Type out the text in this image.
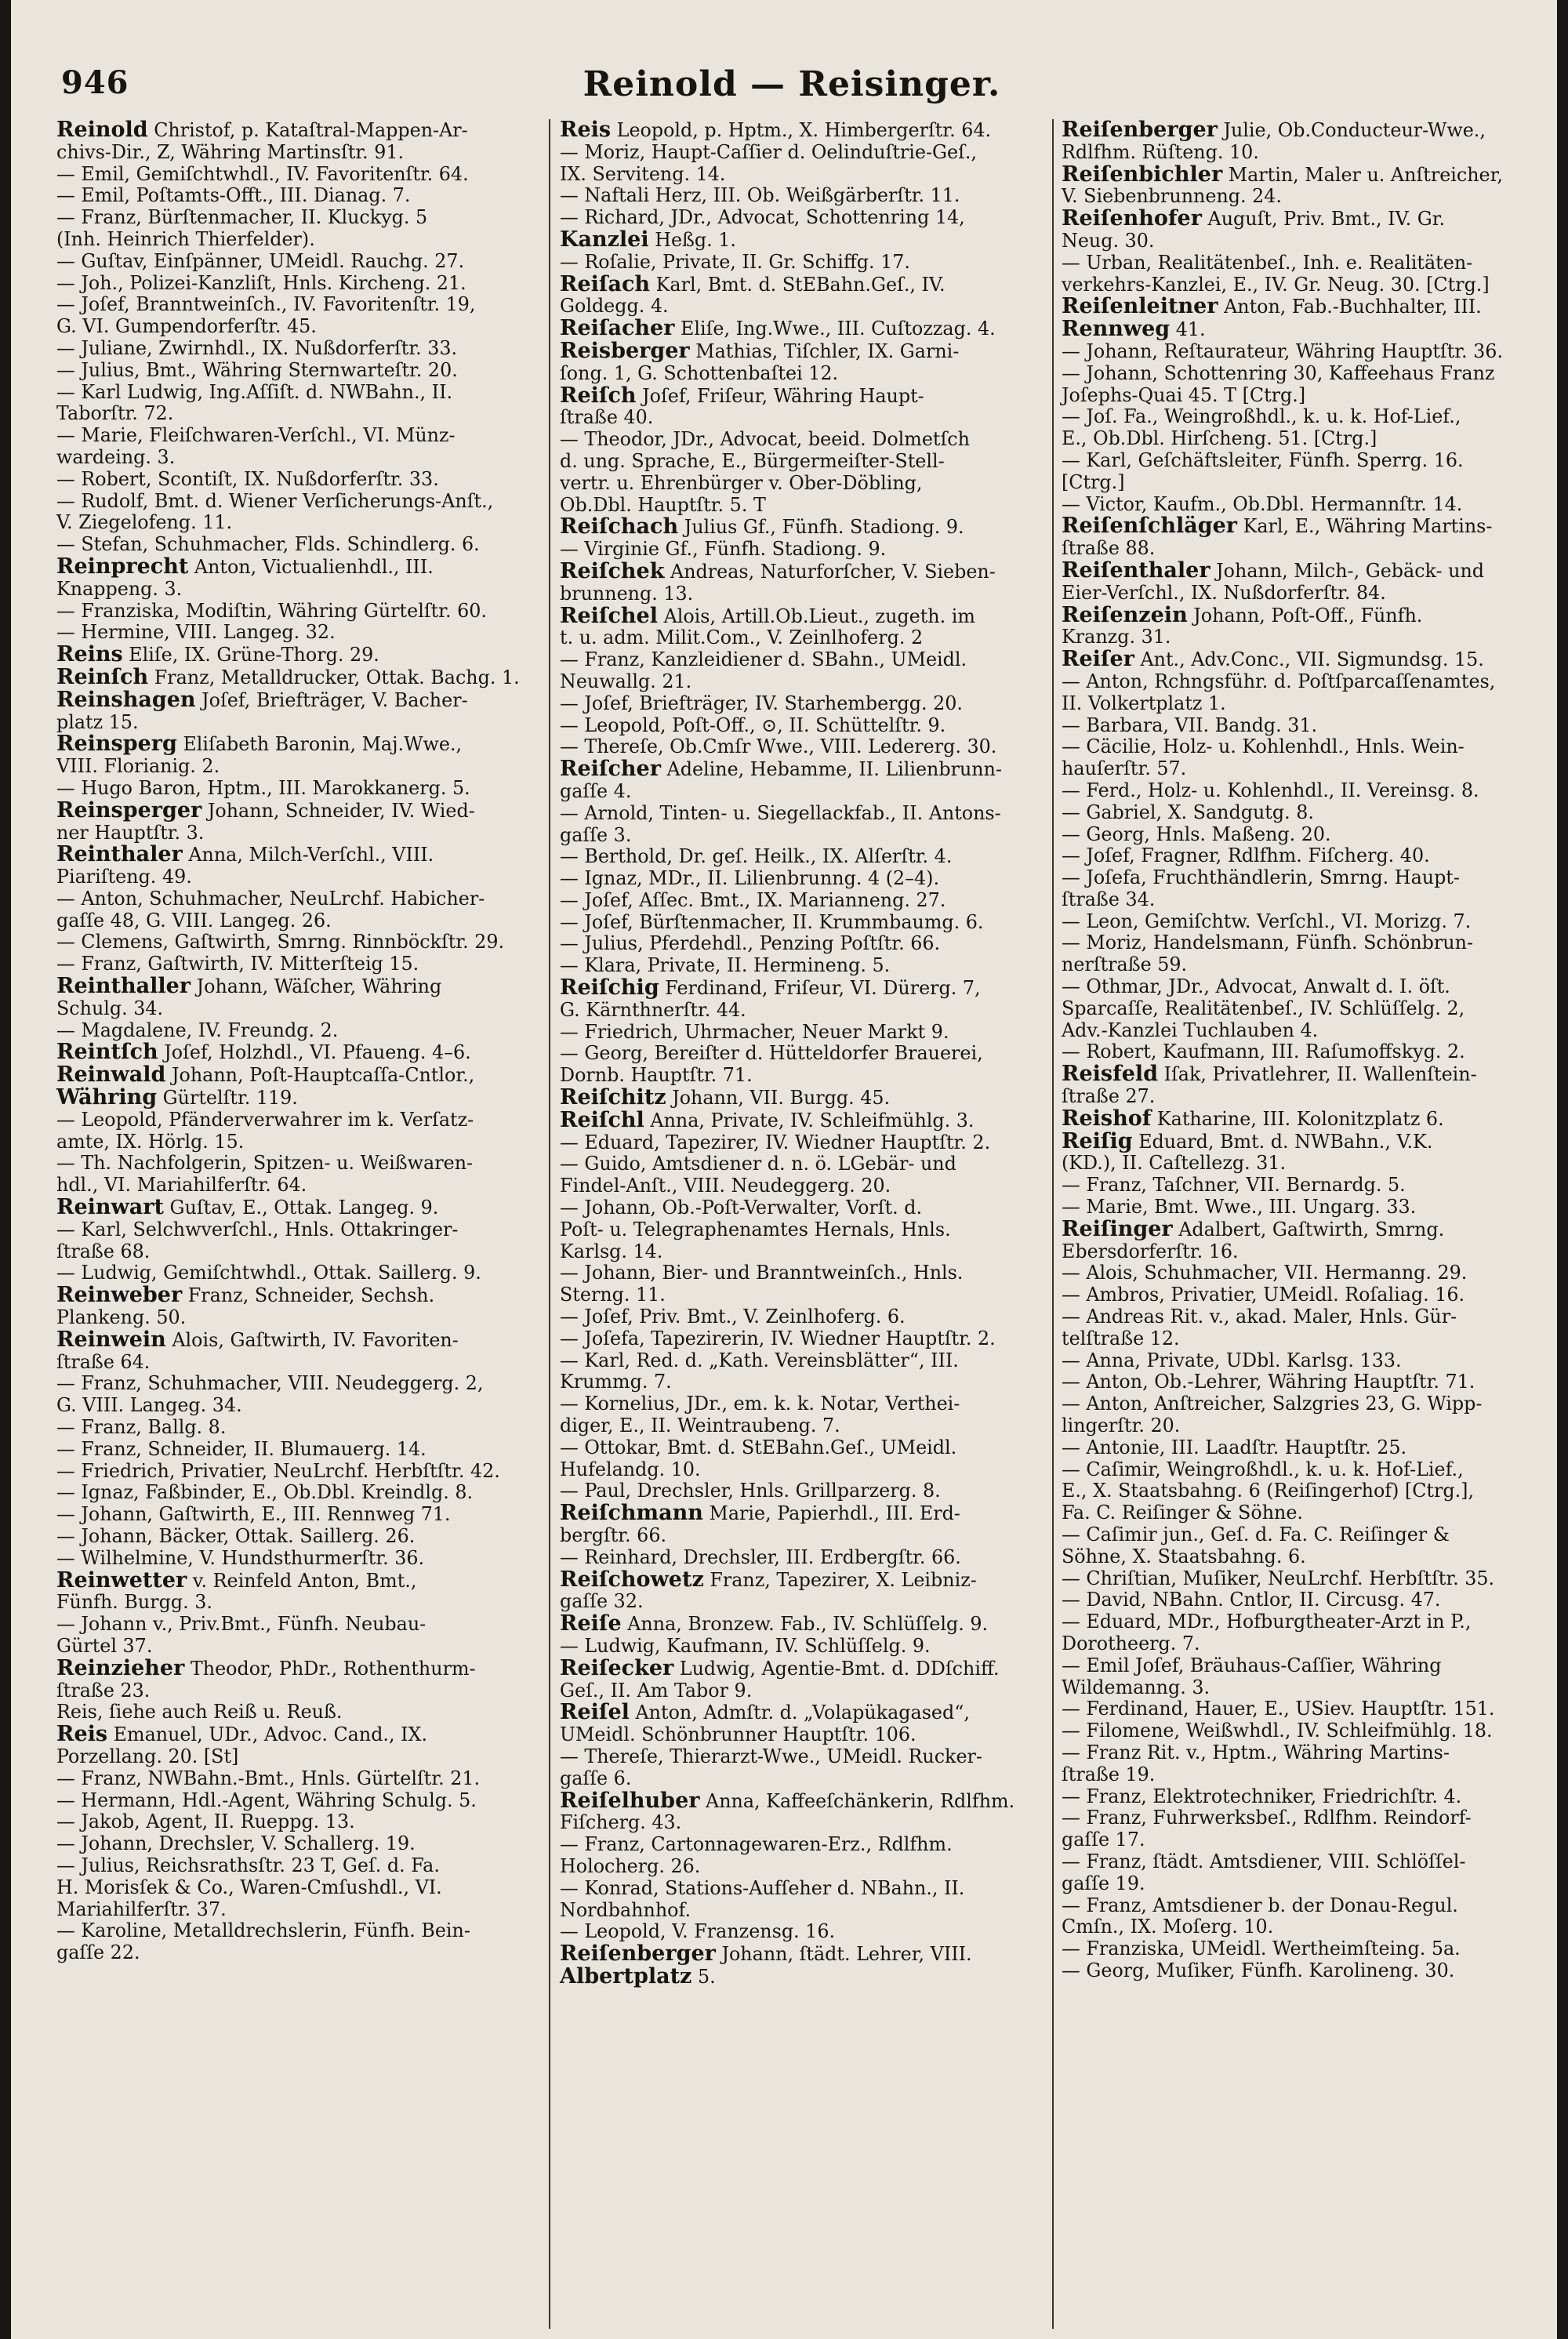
946	Reinold — Reisinger.
Reinold Christof, p. Kataſtral-Mappen-Ar-
chivs-Dir., Z, Währing Martinsſtr. 91.
— Emil, Gemiſchtwhdl., IV. Favoritenſtr. 64.
— Emil, Poſtamts-Offt., III. Dianag. 7.
— Franz, Bürſtenmacher, II. Kluckyg. 5
(Inh. Heinrich Thierfelder).
— Guſtav, Einſpänner, UMeidl. Rauchg. 27.
— Joh., Polizei-Kanzliſt, Hnls. Kircheng. 21.
— Joſef, Branntweinſch., IV. Favoritenſtr. 19,
G. VI. Gumpendorferſtr. 45.
— Juliane, Zwirnhdl., IX. Nußdorferſtr. 33.
— Julius, Bmt., Währing Sternwarteſtr. 20.
— Karl Ludwig, Ing.Aſſiſt. d. NWBahn., II.
Taborſtr. 72.
— Marie, Fleiſchwaren-Verſchl., VI. Münz-
wardeing. 3.
— Robert, Scontiſt, IX. Nußdorferſtr. 33.
— Rudolf, Bmt. d. Wiener Verſicherungs-Anſt.,
V. Ziegelofeng. 11.
— Stefan, Schuhmacher, Flds. Schindlerg. 6.
Reinprecht Anton, Victualienhdl., III.
Knappeng. 3.
— Franziska, Modiſtin, Währing Gürtelſtr. 60.
— Hermine, VIII. Langeg. 32.
Reins Eliſe, IX. Grüne-Thorg. 29.
Reinſch Franz, Metalldrucker, Ottak. Bachg. 1.
Reinshagen Joſef, Briefträger, V. Bacher-
platz 15.
Reinsperg Eliſabeth Baronin, Maj.Wwe.,
VIII. Florianig. 2.
— Hugo Baron, Hptm., III. Marokkanerg. 5.
Reinsperger Johann, Schneider, IV. Wied-
ner Hauptſtr. 3.
Reinthaler Anna, Milch-Verſchl., VIII.
Piariſteng. 49.
— Anton, Schuhmacher, NeuLrchf. Habicher-
gaſſe 48, G. VIII. Langeg. 26.
— Clemens, Gaſtwirth, Smrng. Rinnböckſtr. 29.
— Franz, Gaſtwirth, IV. Mitterſteig 15.
Reinthaller Johann, Wäſcher, Währing
Schulg. 34.
— Magdalene, IV. Freundg. 2.
Reintſch Joſef, Holzhdl., VI. Pfaueng. 4–6.
Reinwald Johann, Poſt-Hauptcaſſa-Cntlor.,
Währing Gürtelſtr. 119.
— Leopold, Pfänderverwahrer im k. Verſatz-
amte, IX. Hörlg. 15.
— Th. Nachfolgerin, Spitzen- u. Weißwaren-
hdl., VI. Mariahilferſtr. 64.
Reinwart Guſtav, E., Ottak. Langeg. 9.
— Karl, Selchwverſchl., Hnls. Ottakringer-
ſtraße 68.
— Ludwig, Gemiſchtwhdl., Ottak. Saillerg. 9.
Reinweber Franz, Schneider, Sechsh.
Plankeng. 50.
Reinwein Alois, Gaſtwirth, IV. Favoriten-
ſtraße 64.
— Franz, Schuhmacher, VIII. Neudeggerg. 2,
G. VIII. Langeg. 34.
— Franz, Ballg. 8.
— Franz, Schneider, II. Blumauerg. 14.
— Friedrich, Privatier, NeuLrchf. Herbſtſtr. 42.
— Ignaz, Faßbinder, E., Ob.Dbl. Kreindlg. 8.
— Johann, Gaſtwirth, E., III. Rennweg 71.
— Johann, Bäcker, Ottak. Saillerg. 26.
— Wilhelmine, V. Hundsthurmerſtr. 36.
Reinwetter v. Reinfeld Anton, Bmt.,
Fünfh. Burgg. 3.
— Johann v., Priv.Bmt., Fünfh. Neubau-
Gürtel 37.
Reinzieher Theodor, PhDr., Rothenthurm-
ſtraße 23.
Reis, ſiehe auch Reiß u. Reuß.
Reis Emanuel, UDr., Advoc. Cand., IX.
Porzellang. 20. [St]
— Franz, NWBahn.-Bmt., Hnls. Gürtelſtr. 21.
— Hermann, Hdl.-Agent, Währing Schulg. 5.
— Jakob, Agent, II. Rueppg. 13.
— Johann, Drechsler, V. Schallerg. 19.
— Julius, Reichsrathsſtr. 23 T, Geſ. d. Fa.
H. Morisſek & Co., Waren-Cmſushdl., VI.
Mariahilferſtr. 37.
— Karoline, Metalldrechslerin, Fünfh. Bein-
gaſſe 22.
Reis Leopold, p. Hptm., X. Himbergerſtr. 64.
— Moriz, Haupt-Caſſier d. Oelinduſtrie-Geſ.,
IX. Serviteng. 14.
— Naftali Herz, III. Ob. Weißgärberſtr. 11.
— Richard, JDr., Advocat, Schottenring 14,
Kanzlei Heßg. 1.
— Roſalie, Private, II. Gr. Schiffg. 17.
Reiſach Karl, Bmt. d. StEBahn.Geſ., IV.
Goldegg. 4.
Reiſacher Eliſe, Ing.Wwe., III. Cuſtozzag. 4.
Reisberger Mathias, Tiſchler, IX. Garni-
ſong. 1, G. Schottenbaſtei 12.
Reiſch Joſef, Friſeur, Währing Haupt-
ſtraße 40.
— Theodor, JDr., Advocat, beeid. Dolmetſch
d. ung. Sprache, E., Bürgermeiſter-Stell-
vertr. u. Ehrenbürger v. Ober-Döbling,
Ob.Dbl. Hauptſtr. 5. T
Reiſchach Julius Gf., Fünfh. Stadiong. 9.
— Virginie Gf., Fünfh. Stadiong. 9.
Reiſchek Andreas, Naturforſcher, V. Sieben-
brunneng. 13.
Reiſchel Alois, Artill.Ob.Lieut., zugeth. im
t. u. adm. Milit.Com., V. Zeinlhoferg. 2
— Franz, Kanzleidiener d. SBahn., UMeidl.
Neuwallg. 21.
— Joſef, Briefträger, IV. Starhembergg. 20.
— Leopold, Poſt-Off., ⊙, II. Schüttelſtr. 9.
— Thereſe, Ob.Cmſr Wwe., VIII. Ledererg. 30.
Reiſcher Adeline, Hebamme, II. Lilienbrunn-
gaſſe 4.
— Arnold, Tinten- u. Siegellackfab., II. Antons-
gaſſe 3.
— Berthold, Dr. geſ. Heilk., IX. Alſerſtr. 4.
— Ignaz, MDr., II. Lilienbrunng. 4 (2–4).
— Joſef, Aſſec. Bmt., IX. Marianneng. 27.
— Joſef, Bürſtenmacher, II. Krummbaumg. 6.
— Julius, Pferdehdl., Penzing Poſtſtr. 66.
— Klara, Private, II. Hermineng. 5.
Reiſchig Ferdinand, Friſeur, VI. Dürerg. 7,
G. Kärnthnerſtr. 44.
— Friedrich, Uhrmacher, Neuer Markt 9.
— Georg, Bereiſter d. Hütteldorfer Brauerei,
Dornb. Hauptſtr. 71.
Reiſchitz Johann, VII. Burgg. 45.
Reiſchl Anna, Private, IV. Schleifmühlg. 3.
— Eduard, Tapezirer, IV. Wiedner Hauptſtr. 2.
— Guido, Amtsdiener d. n. ö. LGebär- und
Findel-Anſt., VIII. Neudeggerg. 20.
— Johann, Ob.-Poſt-Verwalter, Vorſt. d.
Poſt- u. Telegraphenamtes Hernals, Hnls.
Karlsg. 14.
— Johann, Bier- und Branntweinſch., Hnls.
Sterng. 11.
— Joſef, Priv. Bmt., V. Zeinlhoferg. 6.
— Joſefa, Tapezirerin, IV. Wiedner Hauptſtr. 2.
— Karl, Red. d. „Kath. Vereinsblätter“, III.
Krummg. 7.
— Kornelius, JDr., em. k. k. Notar, Verthei-
diger, E., II. Weintraubeng. 7.
— Ottokar, Bmt. d. StEBahn.Geſ., UMeidl.
Hufelandg. 10.
— Paul, Drechsler, Hnls. Grillparzerg. 8.
Reiſchmann Marie, Papierhdl., III. Erd-
bergſtr. 66.
— Reinhard, Drechsler, III. Erdbergſtr. 66.
Reiſchowetz Franz, Tapezirer, X. Leibniz-
gaſſe 32.
Reiſe Anna, Bronzew. Fab., IV. Schlüſſelg. 9.
— Ludwig, Kaufmann, IV. Schlüſſelg. 9.
Reiſecker Ludwig, Agentie-Bmt. d. DDſchiff.
Geſ., II. Am Tabor 9.
Reiſel Anton, Admſtr. d. „Volapükagased“,
UMeidl. Schönbrunner Hauptſtr. 106.
— Thereſe, Thierarzt-Wwe., UMeidl. Rucker-
gaſſe 6.
Reiſelhuber Anna, Kaffeeſchänkerin, Rdlfhm.
Fiſcherg. 43.
— Franz, Cartonnagewaren-Erz., Rdlfhm.
Holocherg. 26.
— Konrad, Stations-Aufſeher d. NBahn., II.
Nordbahnhof.
— Leopold, V. Franzensg. 16.
Reiſenberger Johann, ſtädt. Lehrer, VIII.
Albertplatz 5.
Reiſenberger Julie, Ob.Conducteur-Wwe.,
Rdlfhm. Rüſteng. 10.
Reiſenbichler Martin, Maler u. Anſtreicher,
V. Siebenbrunneng. 24.
Reiſenhofer Auguſt, Priv. Bmt., IV. Gr.
Neug. 30.
— Urban, Realitätenbeſ., Inh. e. Realitäten-
verkehrs-Kanzlei, E., IV. Gr. Neug. 30. [Ctrg.]
Reiſenleitner Anton, Fab.-Buchhalter, III.
Rennweg 41.
— Johann, Reſtaurateur, Währing Hauptſtr. 36.
— Johann, Schottenring 30, Kaffeehaus Franz
Joſephs-Quai 45. T [Ctrg.]
— Joſ. Fa., Weingroßhdl., k. u. k. Hof-Lief.,
E., Ob.Dbl. Hirſcheng. 51. [Ctrg.]
— Karl, Geſchäftsleiter, Fünfh. Sperrg. 16.
[Ctrg.]
— Victor, Kaufm., Ob.Dbl. Hermannſtr. 14.
Reiſenſchläger Karl, E., Währing Martins-
ſtraße 88.
Reiſenthaler Johann, Milch-, Gebäck- und
Eier-Verſchl., IX. Nußdorferſtr. 84.
Reiſenzein Johann, Poſt-Off., Fünfh.
Kranzg. 31.
Reiſer Ant., Adv.Conc., VII. Sigmundsg. 15.
— Anton, Rchngsführ. d. Poſtſparcaſſenamtes,
II. Volkertplatz 1.
— Barbara, VII. Bandg. 31.
— Cäcilie, Holz- u. Kohlenhdl., Hnls. Wein-
hauſerſtr. 57.
— Ferd., Holz- u. Kohlenhdl., II. Vereinsg. 8.
— Gabriel, X. Sandgutg. 8.
— Georg, Hnls. Maßeng. 20.
— Joſef, Fragner, Rdlfhm. Fiſcherg. 40.
— Joſefa, Fruchthändlerin, Smrng. Haupt-
ſtraße 34.
— Leon, Gemiſchtw. Verſchl., VI. Morizg. 7.
— Moriz, Handelsmann, Fünfh. Schönbrun-
nerſtraße 59.
— Othmar, JDr., Advocat, Anwalt d. I. öſt.
Sparcaſſe, Realitätenbeſ., IV. Schlüſſelg. 2,
Adv.-Kanzlei Tuchlauben 4.
— Robert, Kaufmann, III. Raſumoffskyg. 2.
Reisfeld Iſak, Privatlehrer, II. Wallenſtein-
ſtraße 27.
Reishof Katharine, III. Kolonitzplatz 6.
Reiſig Eduard, Bmt. d. NWBahn., V.K.
(KD.), II. Caſtellezg. 31.
— Franz, Taſchner, VII. Bernardg. 5.
— Marie, Bmt. Wwe., III. Ungarg. 33.
Reiſinger Adalbert, Gaſtwirth, Smrng.
Ebersdorferſtr. 16.
— Alois, Schuhmacher, VII. Hermanng. 29.
— Ambros, Privatier, UMeidl. Roſaliag. 16.
— Andreas Rit. v., akad. Maler, Hnls. Gür-
telſtraße 12.
— Anna, Private, UDbl. Karlsg. 133.
— Anton, Ob.-Lehrer, Währing Hauptſtr. 71.
— Anton, Anſtreicher, Salzgries 23, G. Wipp-
lingerſtr. 20.
— Antonie, III. Laadſtr. Hauptſtr. 25.
— Caſimir, Weingroßhdl., k. u. k. Hof-Lief.,
E., X. Staatsbahng. 6 (Reiſingerhof) [Ctrg.],
Fa. C. Reiſinger & Söhne.
— Caſimir jun., Geſ. d. Fa. C. Reiſinger &
Söhne, X. Staatsbahng. 6.
— Chriſtian, Muſiker, NeuLrchf. Herbſtſtr. 35.
— David, NBahn. Cntlor, II. Circusg. 47.
— Eduard, MDr., Hofburgtheater-Arzt in P.,
Dorotheerg. 7.
— Emil Joſef, Bräuhaus-Caſſier, Währing
Wildemanng. 3.
— Ferdinand, Hauer, E., USiev. Hauptſtr. 151.
— Filomene, Weißwhdl., IV. Schleifmühlg. 18.
— Franz Rit. v., Hptm., Währing Martins-
ſtraße 19.
— Franz, Elektrotechniker, Friedrichſtr. 4.
— Franz, Fuhrwerksbeſ., Rdlfhm. Reindorf-
gaſſe 17.
— Franz, ſtädt. Amtsdiener, VIII. Schlöſſel-
gaſſe 19.
— Franz, Amtsdiener b. der Donau-Regul.
Cmſn., IX. Moſerg. 10.
— Franziska, UMeidl. Wertheimſteing. 5a.
— Georg, Muſiker, Fünfh. Karolineng. 30.
